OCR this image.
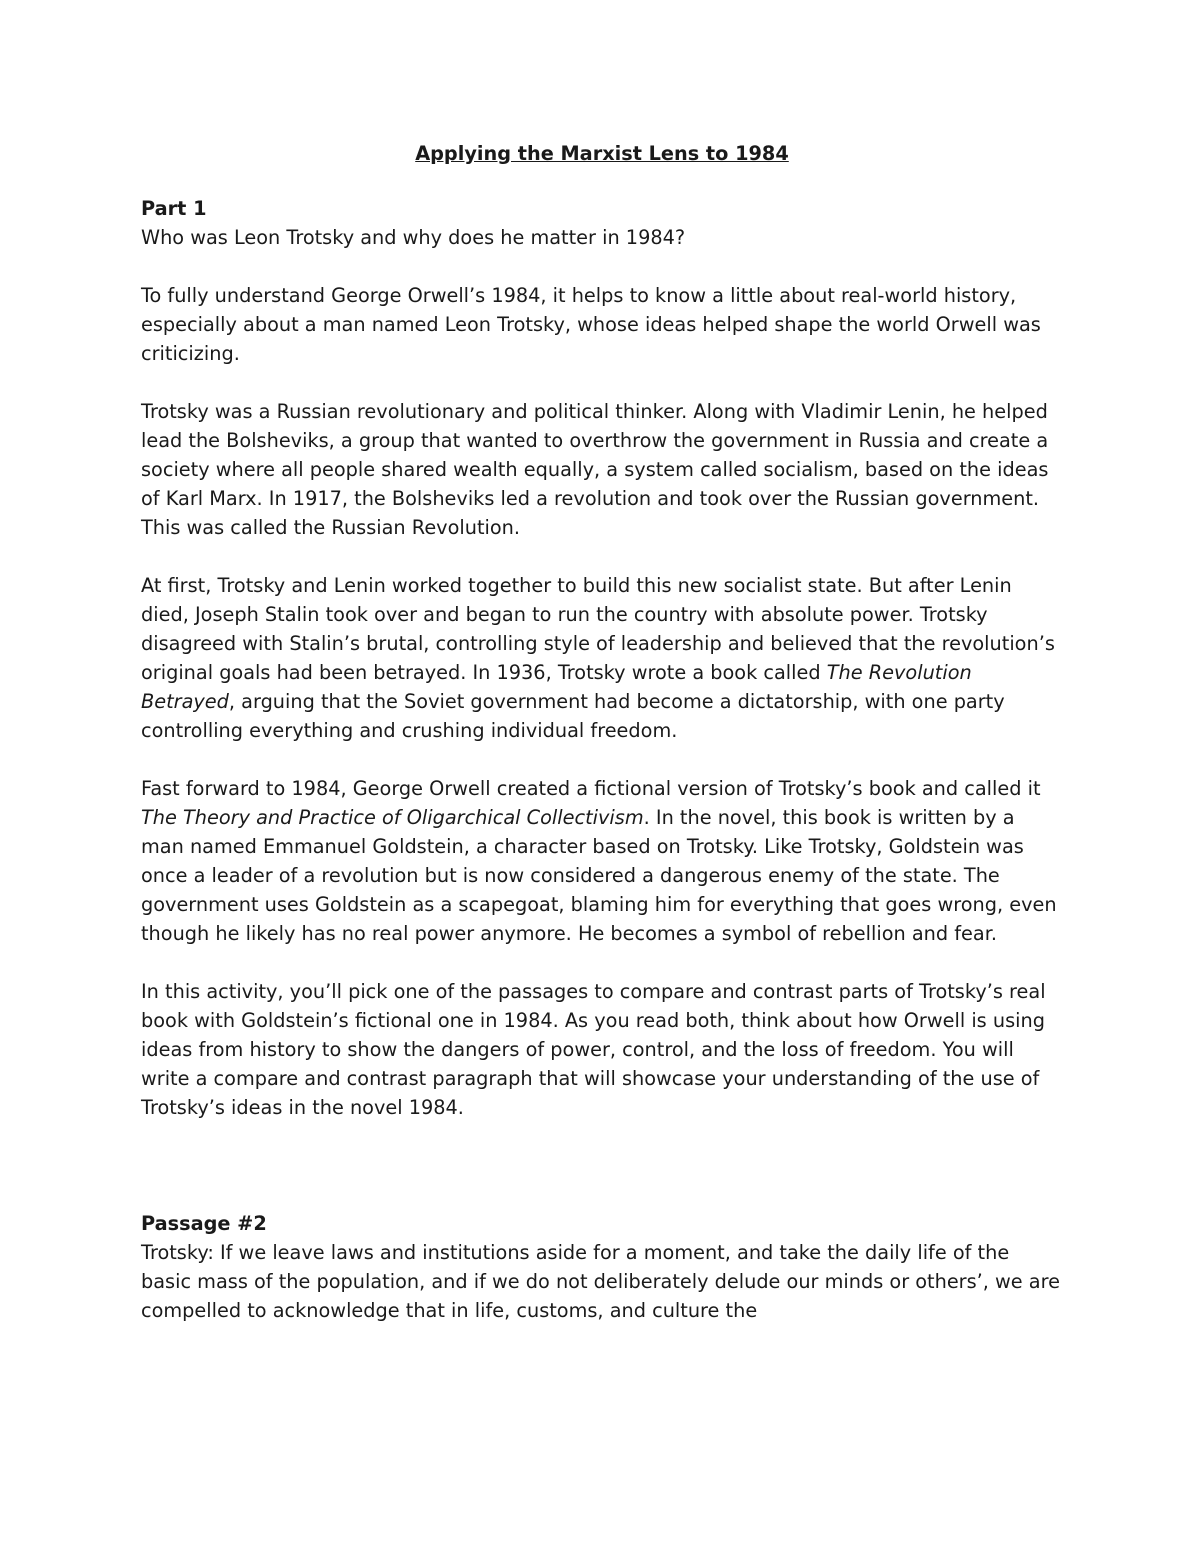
Applying the Marxist Lens to 1984
Part 1

Who was Leon Trotsky and why does he matter in 1984?

To fully understand George Orwell’s 1984, it helps to know a little about real-world history, especially about a man named Leon Trotsky, whose ideas helped shape the world Orwell was criticizing.

Trotsky was a Russian revolutionary and political thinker. Along with Vladimir Lenin, he helped lead the Bolsheviks, a group that wanted to overthrow the government in Russia and create a society where all people shared wealth equally, a system called socialism, based on the ideas of Karl Marx. In 1917, the Bolsheviks led a revolution and took over the Russian government. This was called the Russian Revolution.

At first, Trotsky and Lenin worked together to build this new socialist state. But after Lenin died, Joseph Stalin took over and began to run the country with absolute power. Trotsky disagreed with Stalin’s brutal, controlling style of leadership and believed that the revolution’s original goals had been betrayed. In 1936, Trotsky wrote a book called The Revolution Betrayed, arguing that the Soviet government had become a dictatorship, with one party controlling everything and crushing individual freedom.

Fast forward to 1984, George Orwell created a fictional version of Trotsky’s book and called it The Theory and Practice of Oligarchical Collectivism. In the novel, this book is written by a man named Emmanuel Goldstein, a character based on Trotsky. Like Trotsky, Goldstein was once a leader of a revolution but is now considered a dangerous enemy of the state. The government uses Goldstein as a scapegoat, blaming him for everything that goes wrong, even though he likely has no real power anymore. He becomes a symbol of rebellion and fear.

In this activity, you’ll pick one of the passages to compare and contrast parts of Trotsky’s real book with Goldstein’s fictional one in 1984. As you read both, think about how Orwell is using ideas from history to show the dangers of power, control, and the loss of freedom. You will write a compare and contrast paragraph that will showcase your understanding of the use of Trotsky’s ideas in the novel 1984.

Passage #2

Trotsky: If we leave laws and institutions aside for a moment, and take the daily life of the basic mass of the population, and if we do not deliberately delude our minds or others’, we are compelled to acknowledge that in life, customs, and culture the
